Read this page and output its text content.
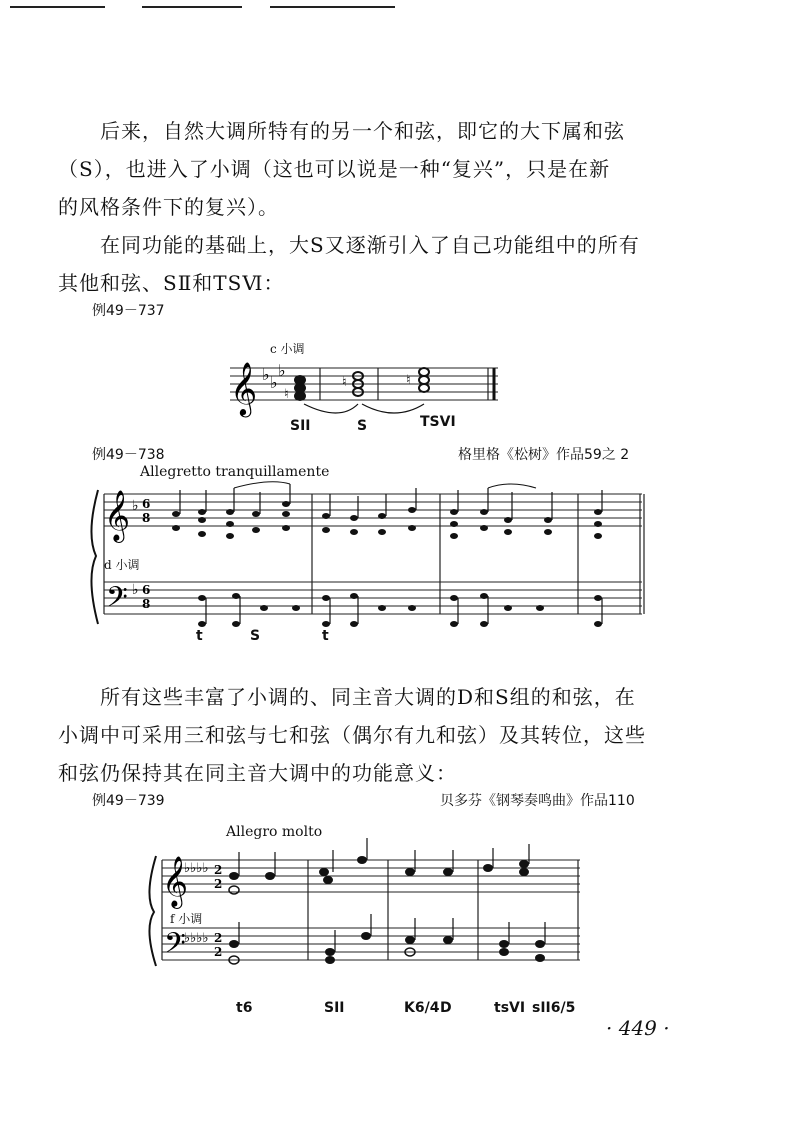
后来，自然大调所特有的另一个和弦，即它的大下属和弦
（S），也进入了小调（这也可以说是一种“复兴”，只是在新
的风格条件下的复兴）。
在同功能的基础上，大S又逐渐引入了自己功能组中的所有
其他和弦、SⅡ和TSⅥ：
例49－737
c 小调
𝄞 ♭ ♭
♭
♮
♮	♮
SII	S	TSVI
例49－738	格里格《松树》作品59之 2
Allegretto tranquillamente
d 小调
𝄞
𝄢
♭
♭
6
8
6
8
t	S	t
所有这些丰富了小调的、同主音大调的D和S组的和弦，在
小调中可采用三和弦与七和弦（偶尔有九和弦）及其转位，这些
和弦仍保持其在同主音大调中的功能意义：
例49－739	贝多芬《钢琴奏鸣曲》作品110
Allegro molto
f 小调
𝄞
𝄢
♭♭♭♭
♭♭♭♭
2
2
2
2
t6	SII	K6/4 D	tsVI sII6/5
· 449 ·
